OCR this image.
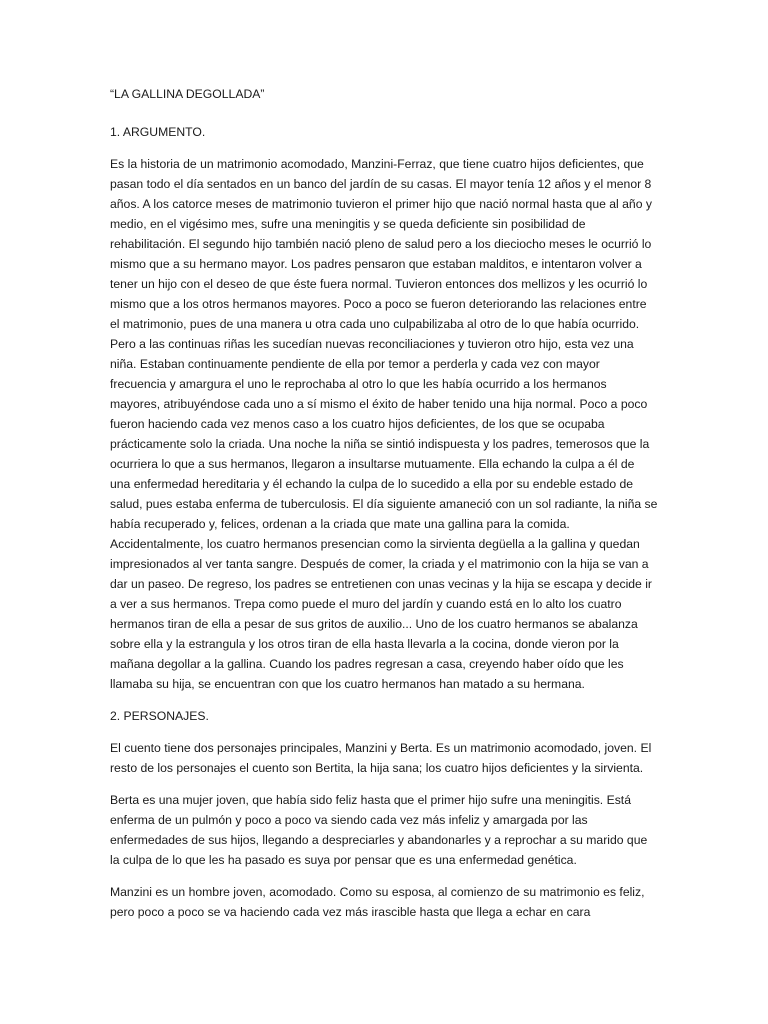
“LA GALLINA DEGOLLADA”
1. ARGUMENTO.

Es la historia de un matrimonio acomodado, Manzini-Ferraz, que tiene cuatro hijos deficientes, que pasan todo el día sentados en un banco del jardín de su casas. El mayor tenía 12 años y el menor 8 años. A los catorce meses de matrimonio tuvieron el primer hijo que nació normal hasta que al año y medio, en el vigésimo mes, sufre una meningitis y se queda deficiente sin posibilidad de rehabilitación. El segundo hijo también nació pleno de salud pero a los dieciocho meses le ocurrió lo mismo que a su hermano mayor. Los padres pensaron que estaban malditos, e intentaron volver a tener un hijo con el deseo de que éste fuera normal. Tuvieron entonces dos mellizos y les ocurrió lo mismo que a los otros hermanos mayores. Poco a poco se fueron deteriorando las relaciones entre el matrimonio, pues de una manera u otra cada uno culpabilizaba al otro de lo que había ocurrido. Pero a las continuas riñas les sucedían nuevas reconciliaciones y tuvieron otro hijo, esta vez una niña. Estaban continuamente pendiente de ella por temor a perderla y cada vez con mayor frecuencia y amargura el uno le reprochaba al otro lo que les había ocurrido a los hermanos mayores, atribuyéndose cada uno a sí mismo el éxito de haber tenido una hija normal. Poco a poco fueron haciendo cada vez menos caso a los cuatro hijos deficientes, de los que se ocupaba prácticamente solo la criada. Una noche la niña se sintió indispuesta y los padres, temerosos que la ocurriera lo que a sus hermanos, llegaron a insultarse mutuamente. Ella echando la culpa a él de una enfermedad hereditaria y él echando la culpa de lo sucedido a ella por su endeble estado de salud, pues estaba enferma de tuberculosis. El día siguiente amaneció con un sol radiante, la niña se había recuperado y, felices, ordenan a la criada que mate una gallina para la comida. Accidentalmente, los cuatro hermanos presencian como la sirvienta degüella a la gallina y quedan impresionados al ver tanta sangre. Después de comer, la criada y el matrimonio con la hija se van a dar un paseo. De regreso, los padres se entretienen con unas vecinas y la hija se escapa y decide ir a ver a sus hermanos. Trepa como puede el muro del jardín y cuando está en lo alto los cuatro hermanos tiran de ella a pesar de sus gritos de auxilio... Uno de los cuatro hermanos se abalanza sobre ella y la estrangula y los otros tiran de ella hasta llevarla a la cocina, donde vieron por la mañana degollar a la gallina. Cuando los padres regresan a casa, creyendo haber oído que les llamaba su hija, se encuentran con que los cuatro hermanos han matado a su hermana.

2. PERSONAJES.

El cuento tiene dos personajes principales, Manzini y Berta. Es un matrimonio acomodado, joven. El resto de los personajes el cuento son Bertita, la hija sana; los cuatro hijos deficientes y la sirvienta.

Berta es una mujer joven, que había sido feliz hasta que el primer hijo sufre una meningitis. Está enferma de un pulmón y poco a poco va siendo cada vez más infeliz y amargada por las enfermedades de sus hijos, llegando a despreciarles y abandonarles y a reprochar a su marido que la culpa de lo que les ha pasado es suya por pensar que es una enfermedad genética.

Manzini es un hombre joven, acomodado. Como su esposa, al comienzo de su matrimonio es feliz, pero poco a poco se va haciendo cada vez más irascible hasta que llega a echar en cara
